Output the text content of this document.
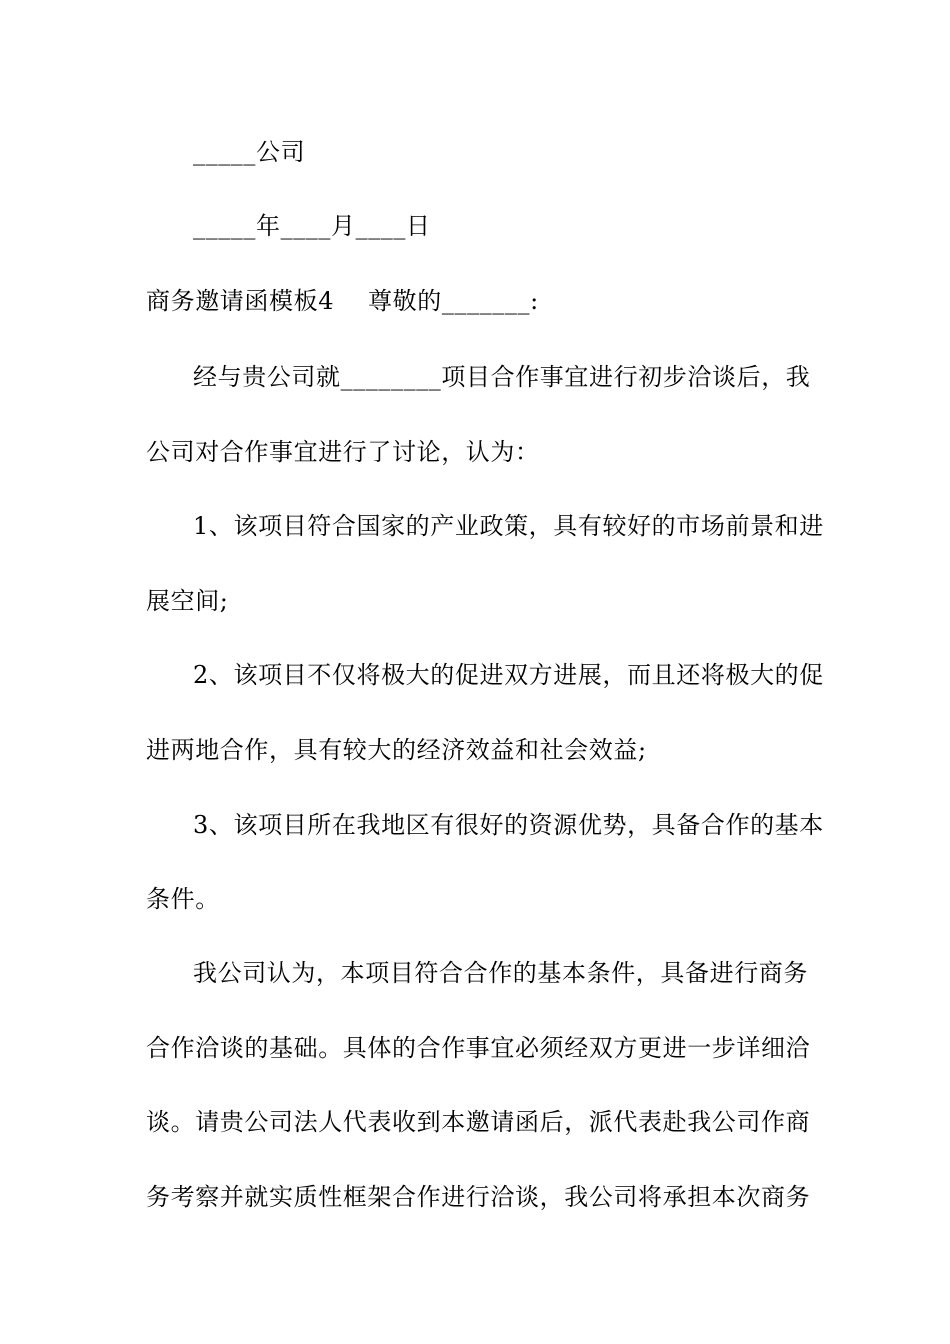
_____公司
_____年____月____日
商务邀请函模板4 尊敬的_______:
经与贵公司就________项目合作事宜进行初步洽谈后，我
公司对合作事宜进行了讨论，认为：
1、该项目符合国家的产业政策，具有较好的市场前景和进
展空间;
2、该项目不仅将极大的促进双方进展，而且还将极大的促
进两地合作，具有较大的经济效益和社会效益;
3、该项目所在我地区有很好的资源优势，具备合作的基本
条件。
我公司认为，本项目符合合作的基本条件，具备进行商务
合作洽谈的基础。具体的合作事宜必须经双方更进一步详细洽
谈。请贵公司法人代表收到本邀请函后，派代表赴我公司作商
务考察并就实质性框架合作进行洽谈，我公司将承担本次商务
